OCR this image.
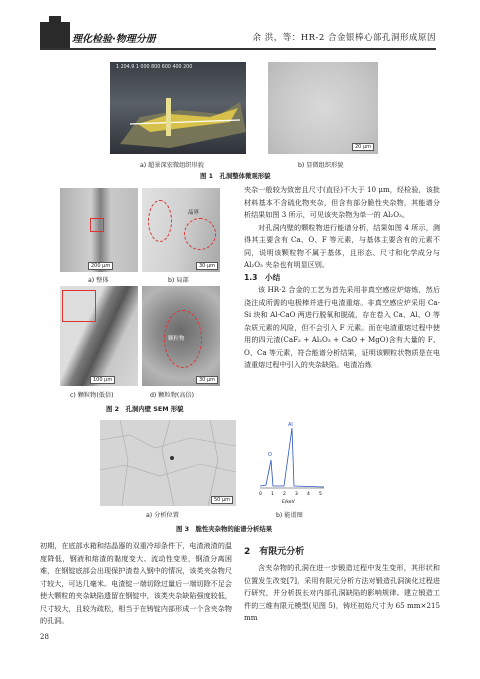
理化检验·物理分册	余 洪，等：HR-2 合金银棒心部孔洞形成原因
1 204.9 1 000 800 600 400 200
20 μm
a) 超景深宏微组织形貌	b) 显微组织形貌
图 1　孔洞整体微观形貌
200 μm
晶界
30 μm
a) 整体	b) 局部
100 μm
颗粒物
30 μm
c) 颗粒物(低倍)	d) 颗粒物(高倍)
图 2　孔洞内壁 SEM 形貌

夹杂一般较为致密且尺寸(直径)不大于 10 μm，经检验，该批材料基本不含硫化物夹杂，但含有部分脆性夹杂物，其能谱分析结果如图 3 所示，可见该夹杂物为单一的 Al₂O₃。

对孔洞内壁的颗粒物进行能谱分析，结果如图 4 所示，测得其主要含有 Ca、O、F 等元素，与基体主要含有的元素不同，说明该颗粒物不属于基体，且形态、尺寸和化学成分与 Al₂O₃ 夹杂也有明显区别。

1.3　小结

该 HR-2 合金的工艺为首先采用非真空感应炉熔炼，然后浇注成所需的电极棒并进行电渣重熔。非真空感应炉采用 Ca-Si 块和 Al-CaO 两进行脱氧和脱硫，存在卷入 Ca、Al、O 等杂质元素的风险，但不会引入 F 元素。而在电渣重熔过程中使用的四元渣(CaF₂ + Al₂O₃ + CaO + MgO)含有大量的 F、O、Ca 等元素，符合能谱分析结果，证明该颗粒状物质是在电渣重熔过程中引入的夹杂缺陷。电渣冶炼

50 μm
a) 分析位置
O
Al
0 1 2 3 4 5
E/keV
b) 能谱图
图 3　脆性夹杂物的能谱分析结果

初期，在底部水箱和结晶器的双重冷却条件下，电渣液渣的温度降低，钢液和熔渣的黏度变大、流动性变差，钢渣分离困难，在钢锭底部会出现保护渣卷入钢中的情况，该类夹杂物尺寸较大，可达几毫米。电渣锭一端切除过量后一端切除不足会使大颗粒的夹杂缺陷遗留在钢锭中，该类夹杂缺陷强度较低，尺寸较大，且较为疏松，相当于在铸锭内部形成一个含夹杂物的孔洞。

2　有限元分析

含夹杂物的孔洞在进一步锻造过程中发生变形，其形状和位置发生改变[7]，采用有限元分析方法对锻造孔洞演化过程进行研究，并分析拔长对内部孔洞缺陷的影响规律。建立锻造工件的三维有限元模型(见图 5)，铸坯初始尺寸为 65 mm×215 mm

28
